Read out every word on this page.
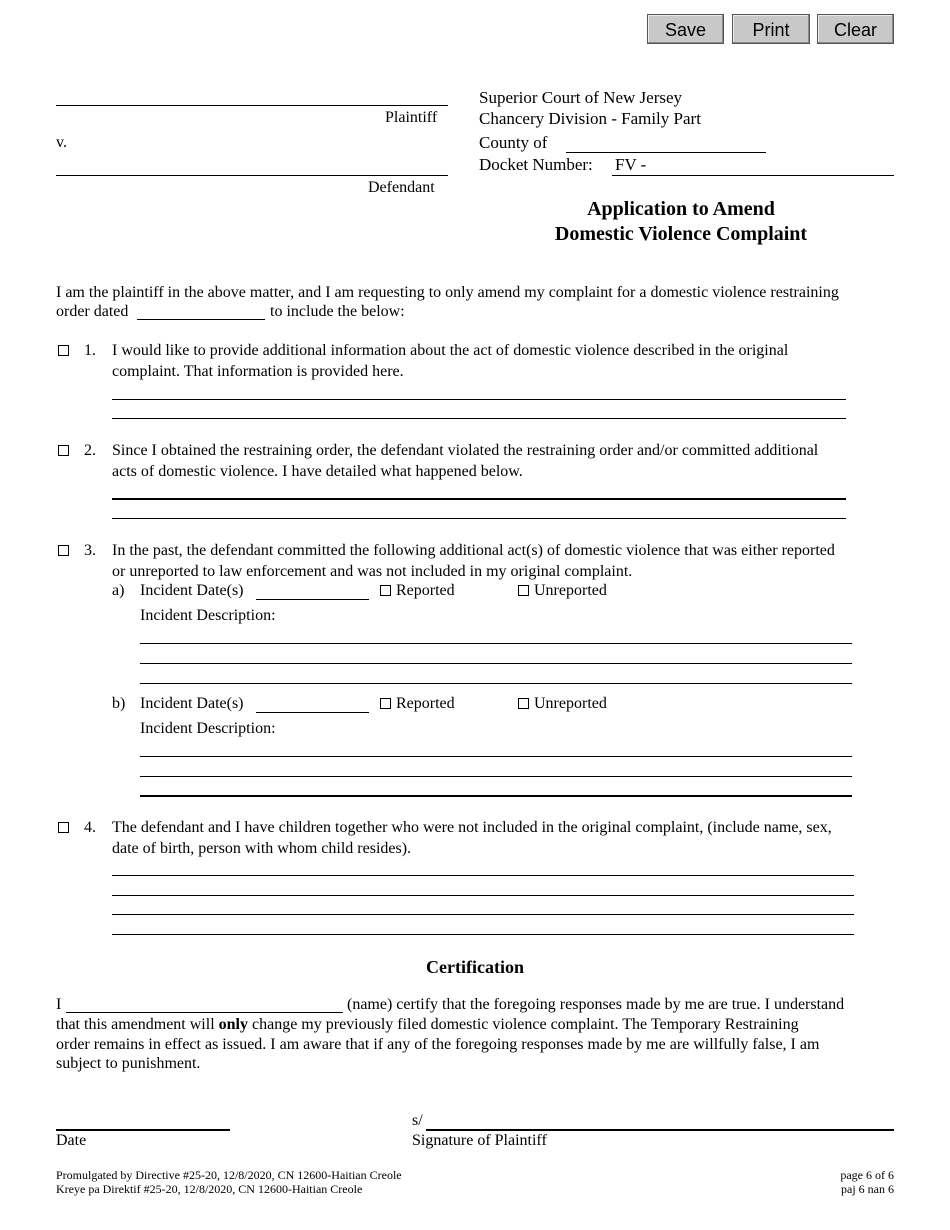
Save	Print	Clear
Plaintiff
v.
Defendant
Superior Court of New Jersey
Chancery Division - Family Part
County of
Docket Number: FV -
Application to Amend
Domestic Violence Complaint
I am the plaintiff in the above matter, and I am requesting to only amend my complaint for a domestic violence restraining
order dated	to include the below:
1. I would like to provide additional information about the act of domestic violence described in the original
complaint. That information is provided here.
2. Since I obtained the restraining order, the defendant violated the restraining order and/or committed additional
acts of domestic violence. I have detailed what happened below.
3. In the past, the defendant committed the following additional act(s) of domestic violence that was either reported
or unreported to law enforcement and was not included in my original complaint.
a) Incident Date(s)	Reported	Unreported
Incident Description:
b) Incident Date(s)	Reported	Unreported
Incident Description:
4. The defendant and I have children together who were not included in the original complaint, (include name, sex,
date of birth, person with whom child resides).
Certification
I	(name) certify that the foregoing responses made by me are true. I understand
that this amendment will only change my previously filed domestic violence complaint. The Temporary Restraining
order remains in effect as issued. I am aware that if any of the foregoing responses made by me are willfully false, I am
subject to punishment.
Date
s/
Signature of Plaintiff
Promulgated by Directive #25-20, 12/8/2020, CN 12600-Haitian Creole
Kreye pa Direktif #25-20, 12/8/2020, CN 12600-Haitian Creole
page 6 of 6
paj 6 nan 6
